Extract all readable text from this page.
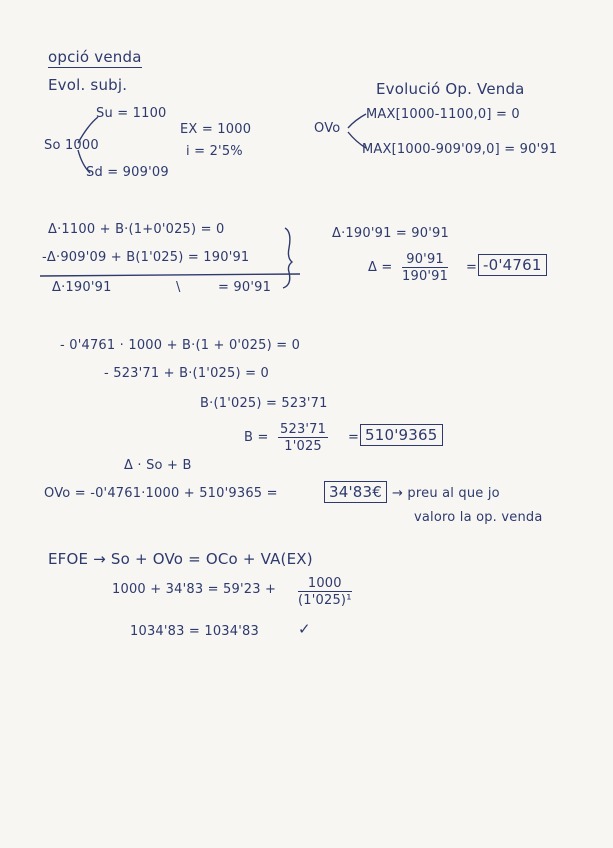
opció venda
Evol. subj.
Su = 1100
So 1000
Sd = 909'09
EX = 1000
i = 2'5%
Evolució Op. Venda
OVo
MAX[1000-1100,0] = 0
MAX[1000-909'09,0] = 90'91
Δ·1100 + B·(1+0'025) = 0
-Δ·909'09 + B(1'025) = 190'91
Δ·190'91	\	= 90'91
Δ·190'91 = 90'91
$\Delta = \frac{90'91}{190'91} = -0'4761$
- 0'4761 · 1000 + B·(1 + 0'025) = 0
- 523'71 + B·(1'025) = 0
B·(1'025) = 523'71
$B = \frac{523'71}{1'025} = 510'9365$
Δ · So + B
OVo = -0'4761·1000 + 510'9365 =	34'83€ → preu al que jo
valoro la op. venda
EFOE → So + OVo = OCo + VA(EX)
$1000 + 34'83 = 59'23 + \frac{1000}{\text{(1'025)¹}}$
1034'83 = 1034'83	✓
